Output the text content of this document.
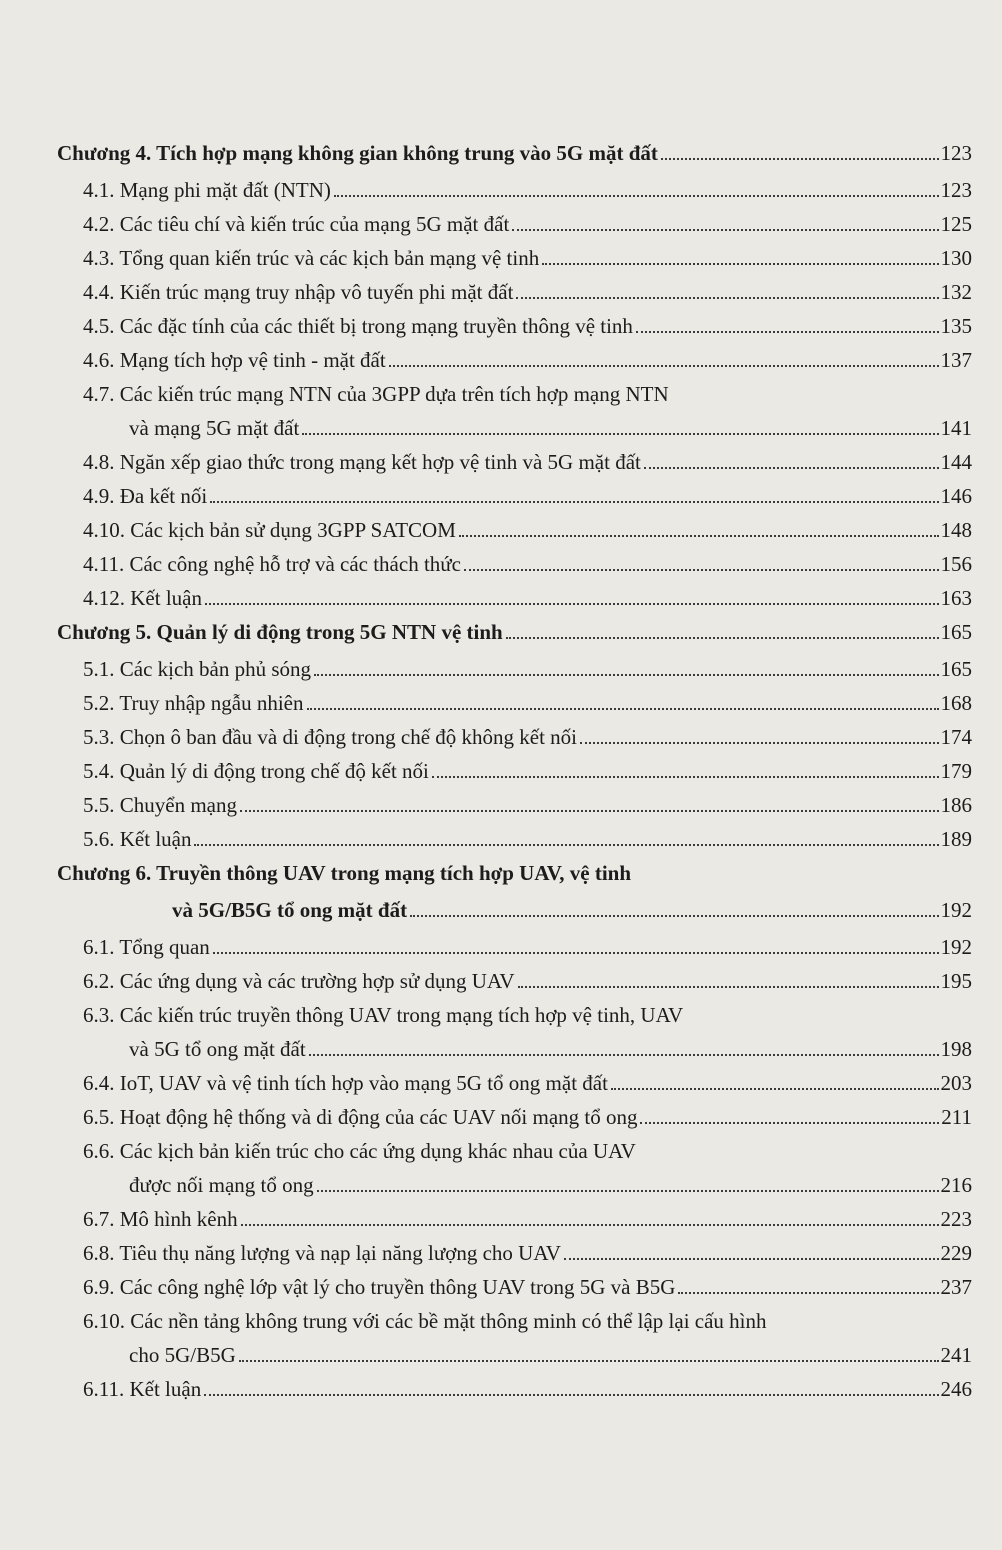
Chương 4. Tích hợp mạng không gian không trung vào 5G mặt đất	123
4.1. Mạng phi mặt đất (NTN)	123
4.2. Các tiêu chí và kiến trúc của mạng 5G mặt đất	125
4.3. Tổng quan kiến trúc và các kịch bản mạng vệ tinh	130
4.4. Kiến trúc mạng truy nhập vô tuyến phi mặt đất	132
4.5. Các đặc tính của các thiết bị trong mạng truyền thông vệ tinh	135
4.6. Mạng tích hợp vệ tinh - mặt đất	137
4.7. Các kiến trúc mạng NTN của 3GPP dựa trên tích hợp mạng NTN
và mạng 5G mặt đất	141
4.8. Ngăn xếp giao thức trong mạng kết hợp vệ tinh và 5G mặt đất	144
4.9. Đa kết nối	146
4.10. Các kịch bản sử dụng 3GPP SATCOM	148
4.11. Các công nghệ hỗ trợ và các thách thức	156
4.12. Kết luận	163
Chương 5. Quản lý di động trong 5G NTN vệ tinh	165
5.1. Các kịch bản phủ sóng	165
5.2. Truy nhập ngẫu nhiên	168
5.3. Chọn ô ban đầu và di động trong chế độ không kết nối	174
5.4. Quản lý di động trong chế độ kết nối	179
5.5. Chuyển mạng	186
5.6. Kết luận	189
Chương 6. Truyền thông UAV trong mạng tích hợp UAV, vệ tinh
và 5G/B5G tổ ong mặt đất	192
6.1. Tổng quan	192
6.2. Các ứng dụng và các trường hợp sử dụng UAV	195
6.3. Các kiến trúc truyền thông UAV trong mạng tích hợp vệ tinh, UAV
và 5G tổ ong mặt đất	198
6.4. IoT, UAV và vệ tinh tích hợp vào mạng 5G tổ ong mặt đất	203
6.5. Hoạt động hệ thống và di động của các UAV nối mạng tổ ong	211
6.6. Các kịch bản kiến trúc cho các ứng dụng khác nhau của UAV
được nối mạng tổ ong	216
6.7. Mô hình kênh	223
6.8. Tiêu thụ năng lượng và nạp lại năng lượng cho UAV	229
6.9. Các công nghệ lớp vật lý cho truyền thông UAV trong 5G và B5G	237
6.10. Các nền tảng không trung với các bề mặt thông minh có thể lập lại cấu hình
cho 5G/B5G	241
6.11. Kết luận	246
